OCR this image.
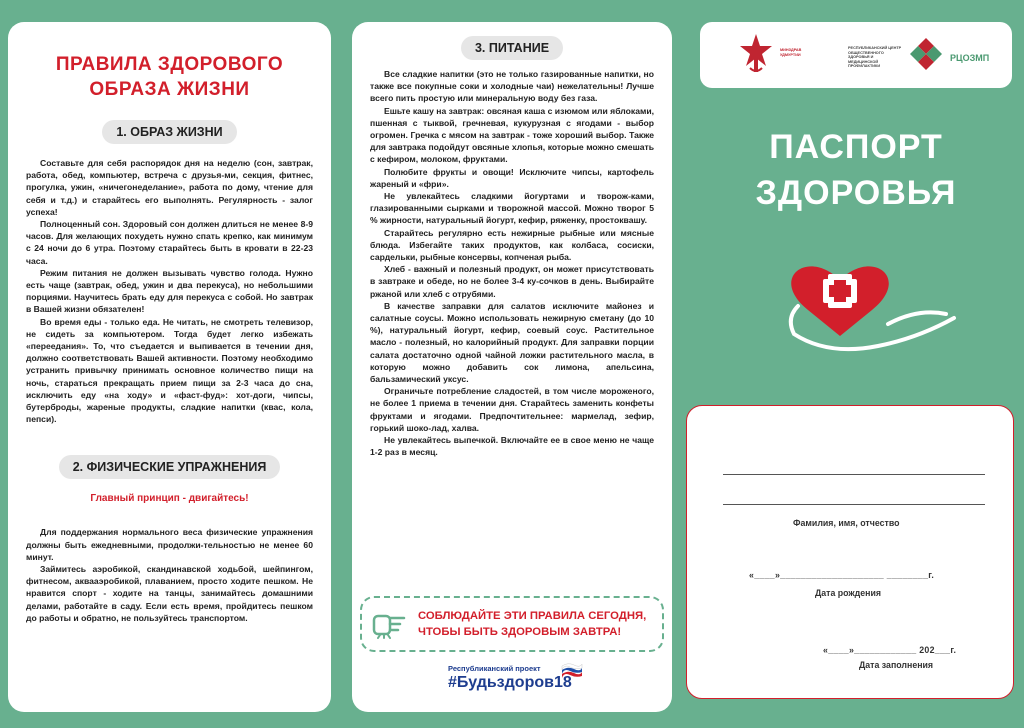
ПРАВИЛА ЗДОРОВОГО
ОБРАЗА ЖИЗНИ
1. ОБРАЗ ЖИЗНИ

Составьте для себя распорядок дня на неделю (сон, завтрак, работа, обед, компьютер, встреча с друзья-ми, секция, фитнес, прогулка, ужин, «ничегонеделание», работа по дому, чтение для себя и т.д.) и старайтесь его выполнять. Регулярность - залог успеха!

Полноценный сон. Здоровый сон должен длиться не менее 8-9 часов. Для желающих похудеть нужно спать крепко, как минимум с 24 ночи до 6 утра. Поэтому старайтесь быть в кровати в 22-23 часа.

Режим питания не должен вызывать чувство голода. Нужно есть чаще (завтрак, обед, ужин и два перекуса), но небольшими порциями. Научитесь брать еду для перекуса с собой. Но завтрак в Вашей жизни обязателен!

Во время еды - только еда. Не читать, не смотреть телевизор, не сидеть за компьютером. Тогда будет легко избежать «переедания». То, что съедается и выпивается в течении дня, должно соответствовать Вашей активности. Поэтому необходимо устранить привычку принимать основное количество пищи на ночь, стараться прекращать прием пищи за 2-3 часа до сна, исключить еду «на ходу» и «фаст-фуд»: хот-доги, чипсы, бутерброды, жареные продукты, сладкие напитки (квас, кола, пепси).

2. ФИЗИЧЕСКИЕ УПРАЖНЕНИЯ
Главный принцип - двигайтесь!

Для поддержания нормального веса физические упражнения должны быть ежедневными, продолжи-тельностью не менее 60 минут.

Займитесь аэробикой, скандинавской ходьбой, шейпингом, фитнесом, аквааэробикой, плаванием, просто ходите пешком. Не нравится спорт - ходите на танцы, занимайтесь домашними делами, работайте в саду. Если есть время, пройдитесь пешком до работы и обратно, не пользуйтесь транспортом.

3. ПИТАНИЕ

Все сладкие напитки (это не только газированные напитки, но также все покупные соки и холодные чаи) нежелательны! Лучше всего пить простую или минеральную воду без газа.

Ешьте кашу на завтрак: овсяная каша с изюмом или яблоками, пшенная с тыквой, гречневая, кукурузная с ягодами - выбор огромен. Гречка с мясом на завтрак - тоже хороший выбор. Также для завтрака подойдут овсяные хлопья, которые можно смешать с кефиром, молоком, фруктами.

Полюбите фрукты и овощи! Исключите чипсы, картофель жареный и «фри».

Не увлекайтесь сладкими йогуртами и творож-ками, глазированными сырками и творожной массой. Можно творог 5 % жирности, натуральный йогурт, кефир, ряженку, простоквашу.

Старайтесь регулярно есть нежирные рыбные или мясные блюда. Избегайте таких продуктов, как колбаса, сосиски, сардельки, рыбные консервы, копченая рыба.

Хлеб - важный и полезный продукт, он может присутствовать в завтраке и обеде, но не более 3-4 ку-сочков в день. Выбирайте ржаной или хлеб с отрубями.

В качестве заправки для салатов исключите майонез и салатные соусы. Можно использовать нежирную сметану (до 10 %), натуральный йогурт, кефир, соевый соус. Растительное масло - полезный, но калорийный продукт. Для заправки порции салата достаточно одной чайной ложки растительного масла, в которую можно добавить сок лимона, апельсина, бальзамический уксус.

Ограничьте потребление сладостей, в том числе мороженого, не более 1 приема в течении дня. Старайтесь заменить конфеты фруктами и ягодами. Предпочтительнее: мармелад, зефир, горький шоко-лад, халва.

Не увлекайтесь выпечкой. Включайте ее в свое меню не чаще 1-2 раз в месяц.

СОБЛЮДАЙТЕ ЭТИ ПРАВИЛА СЕГОДНЯ,
ЧТОБЫ БЫТЬ ЗДОРОВЫМ ЗАВТРА!
Республиканский проект
#Будьздоров18
МИНЗДРАВ УДМУРТИИ
РЕСПУБЛИКАНСКИЙ ЦЕНТР ОБЩЕСТВЕННОГО ЗДОРОВЬЯ И МЕДИЦИНСКОЙ ПРОФИЛАКТИКИ
РЦОЗМП
ПАСПОРТ
ЗДОРОВЬЯ
Фамилия, имя, отчество
«____»____________________ ________г.
Дата рождения
«____»____________ 202___г.
Дата заполнения
